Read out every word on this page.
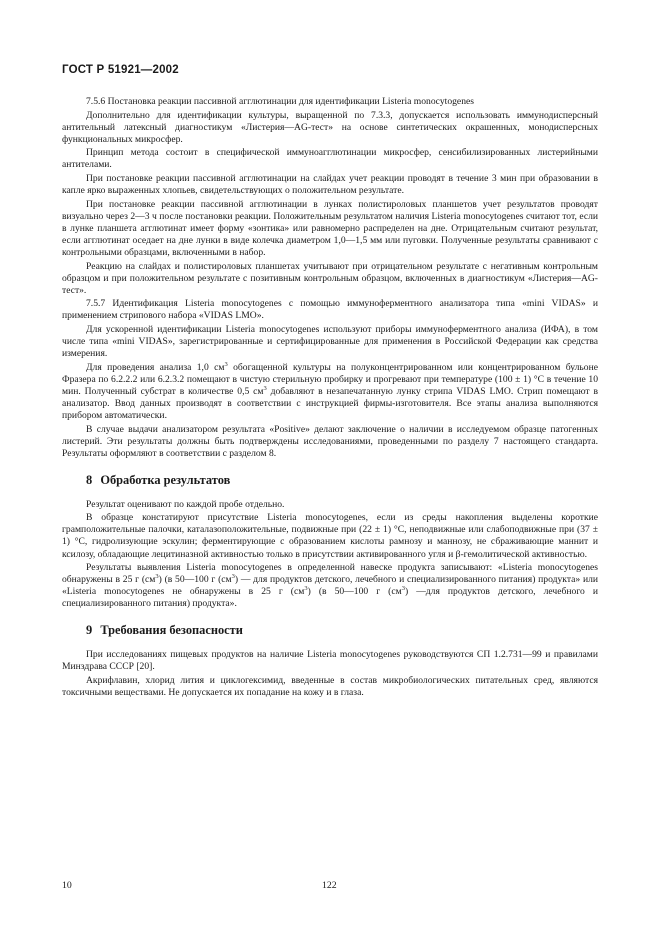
ГОСТ Р 51921—2002

7.5.6 Постановка реакции пассивной агглютинации для идентификации Listeria monocytogenes

Дополнительно для идентификации культуры, выращенной по 7.3.3, допускается использовать иммунодисперсный антительный латексный диагностикум «Листерия—AG-тест» на основе синтетических окрашенных, монодисперсных функциональных микросфер.

Принцип метода состоит в специфической иммуноагглютинации микросфер, сенсибилизированных листерийными антителами.

При постановке реакции пассивной агглютинации на слайдах учет реакции проводят в течение 3 мин при образовании в капле ярко выраженных хлопьев, свидетельствующих о положительном результате.

При постановке реакции пассивной агглютинации в лунках полистироловых планшетов учет результатов проводят визуально через 2—3 ч после постановки реакции. Положительным результатом наличия Listeria monocytogenes считают тот, если в лунке планшета агглютинат имеет форму «зонтика» или равномерно распределен на дне. Отрицательным считают результат, если агглютинат оседает на дне лунки в виде колечка диаметром 1,0—1,5 мм или пуговки. Полученные результаты сравнивают с контрольными образцами, включенными в набор.

Реакцию на слайдах и полистироловых планшетах учитывают при отрицательном результате с негативным контрольным образцом и при положительном результате с позитивным контрольным образцом, включенных в диагностикум «Листерия—AG-тест».

7.5.7 Идентификация Listeria monocytogenes с помощью иммуноферментного анализатора типа «mini VIDAS» и применением стрипового набора «VIDAS LMO».

Для ускоренной идентификации Listeria monocytogenes используют приборы иммуноферментного анализа (ИФА), в том числе типа «mini VIDAS», зарегистрированные и сертифицированные для применения в Российской Федерации как средства измерения.

Для проведения анализа 1,0 $см^3$ обогащенной культуры на полуконцентрированном или концентрированном бульоне Фразера по 6.2.2.2 или 6.2.3.2 помещают в чистую стерильную пробирку и прогревают при температуре (100 ± 1) °С в течение 10 мин. Полученный субстрат в количестве 0,5 $см^3$ добавляют в незапечатанную лунку стрипа VIDAS LMO. Стрип помещают в анализатор. Ввод данных производят в соответствии с инструкцией фирмы-изготовителя. Все этапы анализа выполняются прибором автоматически.

В случае выдачи анализатором результата «Positive» делают заключение о наличии в исследуемом образце патогенных листерий. Эти результаты должны быть подтверждены исследованиями, проведенными по разделу 7 настоящего стандарта. Результаты оформляют в соответствии с разделом 8.

8 Обработка результатов

Результат оценивают по каждой пробе отдельно.

В образце констатируют присутствие Listeria monocytogenes, если из среды накопления выделены короткие грамположительные палочки, каталазоположительные, подвижные при (22 ± 1) °С, неподвижные или слабоподвижные при (37 ± 1) °С, гидролизующие эскулин; ферментирующие с образованием кислоты рамнозу и маннозу, не сбраживающие маннит и ксилозу, обладающие лецитиназной активностью только в присутствии активированного угля и β-гемолитической активностью.

Результаты выявления Listeria monocytogenes в определенной навеске продукта записывают: «Listeria monocytogenes обнаружены в 25 г $(см^3)$ (в 50—100 г $(см^3)$ — для продуктов детского, лечебного и специализированного питания) продукта» или «Listeria monocytogenes не обнаружены в 25 г $(см^3)$ (в 50—100 г $(см^3)$ —для продуктов детского, лечебного и специализированного питания) продукта».

9 Требования безопасности

При исследованиях пищевых продуктов на наличие Listeria monocytogenes руководствуются СП 1.2.731—99 и правилами Минздрава СССР [20].

Акрифлавин, хлорид лития и циклогексимид, введенные в состав микробиологических питательных сред, являются токсичными веществами. Не допускается их попадание на кожу и в глаза.

10	122
